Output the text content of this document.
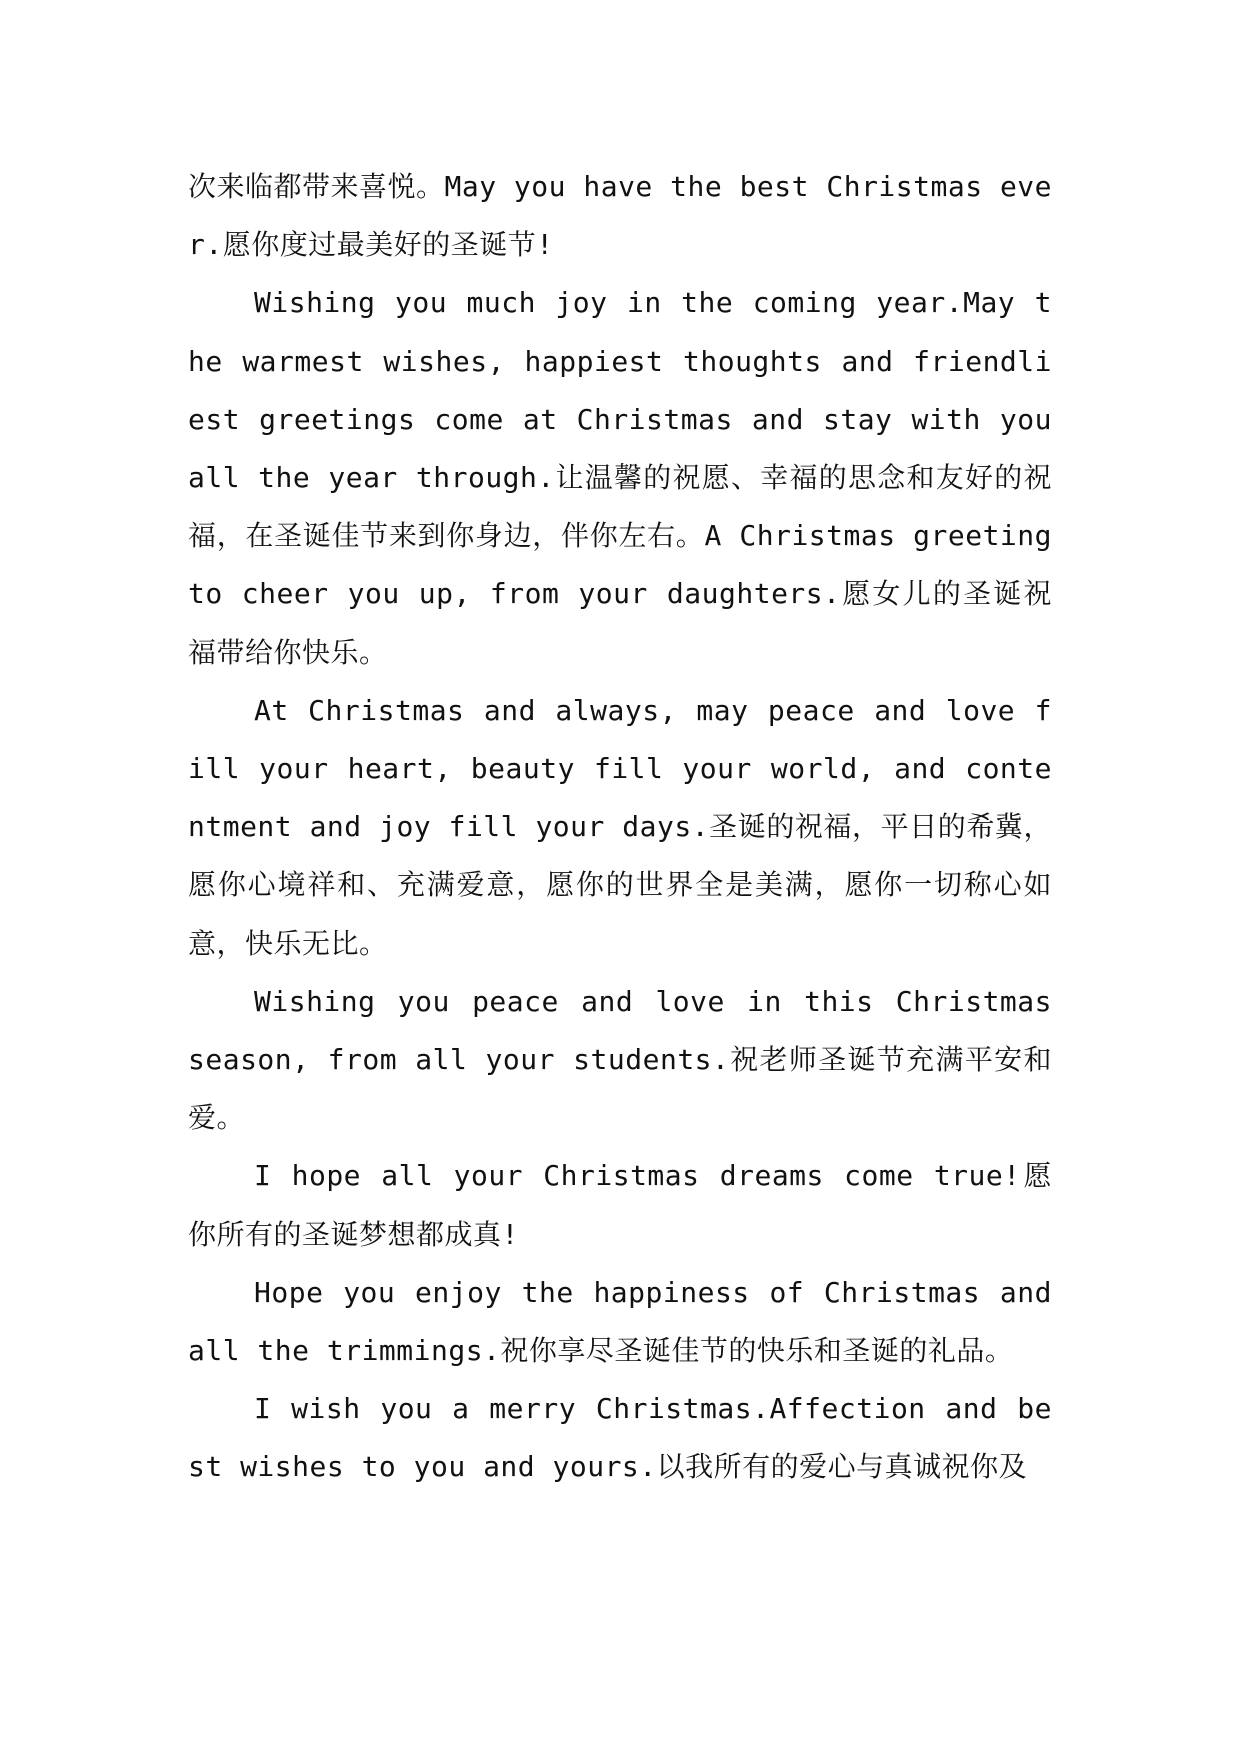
次来临都带来喜悦。May you have the best Christmas ever.愿你度过最美好的圣诞节!

Wishing you much joy in the coming year.May the warmest wishes, happiest thoughts and friendliest greetings come at Christmas and stay with you all the year through.让温馨的祝愿、幸福的思念和友好的祝福，在圣诞佳节来到你身边，伴你左右。A Christmas greeting to cheer you up, from your daughters.愿女儿的圣诞祝福带给你快乐。

At Christmas and always, may peace and love fill your heart, beauty fill your world, and contentment and joy fill your days.圣诞的祝福，平日的希冀，愿你心境祥和、充满爱意，愿你的世界全是美满，愿你一切称心如意，快乐无比。

Wishing you peace and love in this Christmas season, from all your students.祝老师圣诞节充满平安和爱。

I hope all your Christmas dreams come true!愿你所有的圣诞梦想都成真!

Hope you enjoy the happiness of Christmas and all the trimmings.祝你享尽圣诞佳节的快乐和圣诞的礼品。

I wish you a merry Christmas.Affection and best wishes to you and yours.以我所有的爱心与真诚祝你及
